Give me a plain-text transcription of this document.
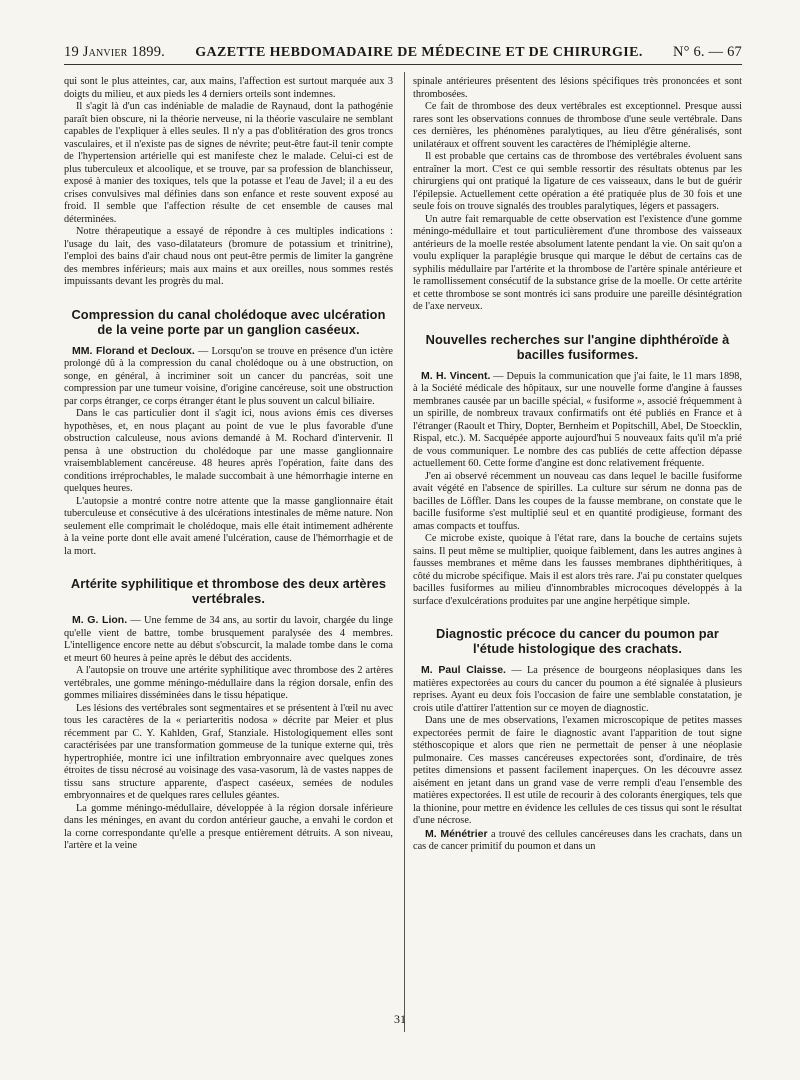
19 Janvier 1899. GAZETTE HEBDOMADAIRE DE MÉDECINE ET DE CHIRURGIE. N° 6. — 67

qui sont le plus atteintes, car, aux mains, l'affection est surtout marquée aux 3 doigts du milieu, et aux pieds les 4 derniers orteils sont indemnes.

Il s'agit là d'un cas indéniable de maladie de Raynaud, dont la pathogénie paraît bien obscure, ni la théorie nerveuse, ni la théorie vasculaire ne semblant capables de l'expliquer à elles seules. Il n'y a pas d'oblitération des gros troncs vasculaires, et il n'existe pas de signes de névrite; peut-être faut-il tenir compte de l'hypertension artérielle qui est manifeste chez le malade. Celui-ci est de plus tuberculeux et alcoolique, et se trouve, par sa profession de blanchisseur, exposé à manier des toxiques, tels que la potasse et l'eau de Javel; il a eu des crises convulsives mal définies dans son enfance et reste souvent exposé au froid. Il semble que l'affection résulte de cet ensemble de causes mal déterminées.

Notre thérapeutique a essayé de répondre à ces multiples indications : l'usage du lait, des vaso-dilatateurs (bromure de potassium et trinitrine), l'emploi des bains d'air chaud nous ont peut-être permis de limiter la gangrène des membres inférieurs; mais aux mains et aux oreilles, nous sommes restés impuissants devant les progrès du mal.

Compression du canal cholédoque avec ulcération de la veine porte par un ganglion caséeux.

MM. Florand et Decloux. — Lorsqu'on se trouve en présence d'un ictère prolongé dû à la compression du canal cholédoque ou à une obstruction, on songe, en général, à incriminer soit un cancer du pancréas, soit une compression par une tumeur voisine, d'origine cancéreuse, soit une obstruction par corps étranger, ce corps étranger étant le plus souvent un calcul biliaire.

Dans le cas particulier dont il s'agit ici, nous avions émis ces diverses hypothèses, et, en nous plaçant au point de vue le plus favorable d'une obstruction calculeuse, nous avions demandé à M. Rochard d'intervenir. Il pensa à une obstruction du cholédoque par une masse ganglionnaire vraisemblablement cancéreuse. 48 heures après l'opération, faite dans des conditions irréprochables, le malade succombait à une hémorrhagie interne en quelques heures.

L'autopsie a montré contre notre attente que la masse ganglionnaire était tuberculeuse et consécutive à des ulcérations intestinales de même nature. Non seulement elle comprimait le cholédoque, mais elle était intimement adhérente à la veine porte dont elle avait amené l'ulcération, cause de l'hémorrhagie et de la mort.

Artérite syphilitique et thrombose des deux artères vertébrales.

M. G. Lion. — Une femme de 34 ans, au sortir du lavoir, chargée du linge qu'elle vient de battre, tombe brusquement paralysée des 4 membres. L'intelligence encore nette au début s'obscurcit, la malade tombe dans le coma et meurt 60 heures à peine après le début des accidents.

A l'autopsie on trouve une artérite syphilitique avec thrombose des 2 artères vertébrales, une gomme méningo-médullaire dans la région dorsale, enfin des gommes miliaires disséminées dans le tissu hépatique.

Les lésions des vertébrales sont segmentaires et se présentent à l'œil nu avec tous les caractères de la « periarteritis nodosa » décrite par Meier et plus récemment par C. Y. Kahlden, Graf, Stanziale. Histologiquement elles sont caractérisées par une transformation gommeuse de la tunique externe qui, très hypertrophiée, montre ici une infiltration embryonnaire avec quelques zones étroites de tissu nécrosé au voisinage des vasa-vasorum, là de vastes nappes de tissu sans structure apparente, d'aspect caséeux, semées de nodules embryonnaires et de quelques rares cellules géantes.

La gomme méningo-médullaire, développée à la région dorsale inférieure dans les méninges, en avant du cordon antérieur gauche, a envahi le cordon et la corne correspondante qu'elle a presque entièrement détruits. A son niveau, l'artère et la veine

spinale antérieures présentent des lésions spécifiques très prononcées et sont thrombosées.

Ce fait de thrombose des deux vertébrales est exceptionnel. Presque aussi rares sont les observations connues de thrombose d'une seule vertébrale. Dans ces dernières, les phénomènes paralytiques, au lieu d'être généralisés, sont unilatéraux et offrent souvent les caractères de l'hémiplégie alterne.

Il est probable que certains cas de thrombose des vertébrales évoluent sans entraîner la mort. C'est ce qui semble ressortir des résultats obtenus par les chirurgiens qui ont pratiqué la ligature de ces vaisseaux, dans le but de guérir l'épilepsie. Actuellement cette opération a été pratiquée plus de 30 fois et une seule fois on trouve signalés des troubles paralytiques, légers et passagers.

Un autre fait remarquable de cette observation est l'existence d'une gomme méningo-médullaire et tout particulièrement d'une thrombose des vaisseaux antérieurs de la moelle restée absolument latente pendant la vie. On sait qu'on a voulu expliquer la paraplégie brusque qui marque le début de certains cas de syphilis médullaire par l'artérite et la thrombose de l'artère spinale antérieure et le ramollissement consécutif de la substance grise de la moelle. Or cette artérite et cette thrombose se sont montrés ici sans produire une pareille désintégration de l'axe nerveux.

Nouvelles recherches sur l'angine diphthéroïde à bacilles fusiformes.

M. H. Vincent. — Depuis la communication que j'ai faite, le 11 mars 1898, à la Société médicale des hôpitaux, sur une nouvelle forme d'angine à fausses membranes causée par un bacille spécial, « fusiforme », associé fréquemment à un spirille, de nombreux travaux confirmatifs ont été publiés en France et à l'étranger (Raoult et Thiry, Dopter, Bernheim et Popitschill, Abel, De Stoecklin, Rispal, etc.). M. Sacquépée apporte aujourd'hui 5 nouveaux faits qu'il m'a prié de vous communiquer. Le nombre des cas publiés de cette affection dépasse actuellement 60. Cette forme d'angine est donc relativement fréquente.

J'en ai observé récemment un nouveau cas dans lequel le bacille fusiforme avait végété en l'absence de spirilles. La culture sur sérum ne donna pas de bacilles de Löffler. Dans les coupes de la fausse membrane, on constate que le bacille fusiforme s'est multiplié seul et en quantité prodigieuse, formant des amas compacts et touffus.

Ce microbe existe, quoique à l'état rare, dans la bouche de certains sujets sains. Il peut même se multiplier, quoique faiblement, dans les autres angines à fausses membranes et même dans les fausses membranes diphthéritiques, à côté du microbe spécifique. Mais il est alors très rare. J'ai pu constater quelques bacilles fusiformes au milieu d'innombrables microcoques développés à la surface d'exulcérations produites par une angine herpétique simple.

Diagnostic précoce du cancer du poumon par l'étude histologique des crachats.

M. Paul Claisse. — La présence de bourgeons néoplasiques dans les matières expectorées au cours du cancer du poumon a été signalée à plusieurs reprises. Ayant eu deux fois l'occasion de faire une semblable constatation, je crois utile d'attirer l'attention sur ce moyen de diagnostic.

Dans une de mes observations, l'examen microscopique de petites masses expectorées permit de faire le diagnostic avant l'apparition de tout signe stéthoscopique et alors que rien ne permettait de penser à une néoplasie pulmonaire. Ces masses cancéreuses expectorées sont, d'ordinaire, de très petites dimensions et passent facilement inaperçues. On les découvre assez aisément en jetant dans un grand vase de verre rempli d'eau l'ensemble des matières expectorées. Il est utile de recourir à des colorants énergiques, tels que la thionine, pour mettre en évidence les cellules de ces tissus qui sont le résultat d'une nécrose.

M. Ménétrier a trouvé des cellules cancéreuses dans les crachats, dans un cas de cancer primitif du poumon et dans un

31
